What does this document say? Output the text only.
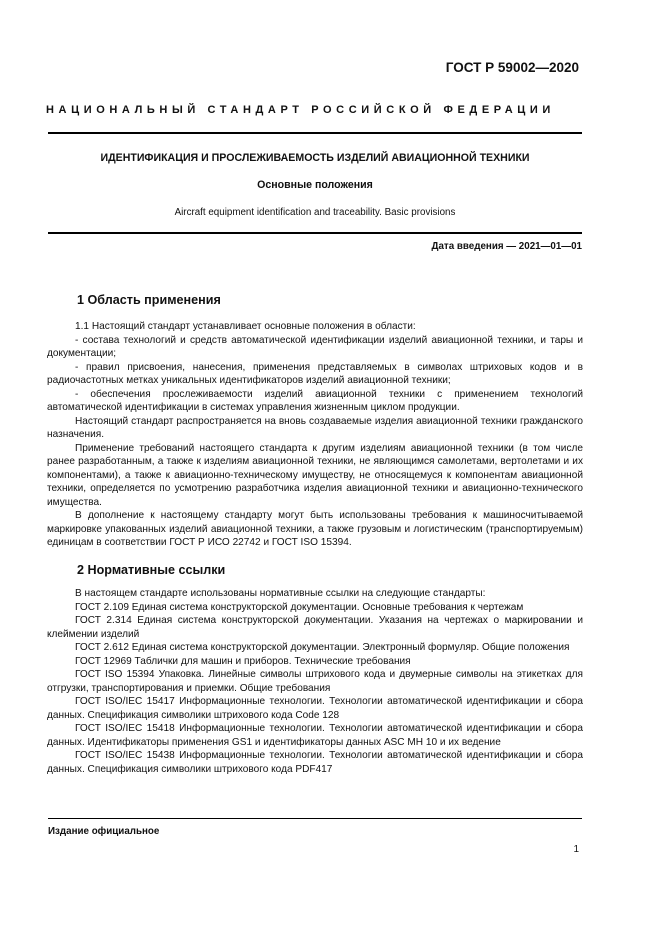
ГОСТ Р 59002—2020
НАЦИОНАЛЬНЫЙ СТАНДАРТ РОССИЙСКОЙ ФЕДЕРАЦИИ
ИДЕНТИФИКАЦИЯ И ПРОСЛЕЖИВАЕМОСТЬ ИЗДЕЛИЙ АВИАЦИОННОЙ ТЕХНИКИ
Основные положения
Aircraft equipment identification and traceability. Basic provisions
Дата введения — 2021—01—01
1 Область применения

1.1 Настоящий стандарт устанавливает основные положения в области:

- состава технологий и средств автоматической идентификации изделий авиационной техники, и тары и документации;

- правил присвоения, нанесения, применения представляемых в символах штриховых кодов и в радиочастотных метках уникальных идентификаторов изделий авиационной техники;

- обеспечения прослеживаемости изделий авиационной техники с применением технологий автоматической идентификации в системах управления жизненным циклом продукции.

Настоящий стандарт распространяется на вновь создаваемые изделия авиационной техники гражданского назначения.

Применение требований настоящего стандарта к другим изделиям авиационной техники (в том числе ранее разработанным, а также к изделиям авиационной техники, не являющимся самолетами, вертолетами и их компонентами), а также к авиационно-техническому имуществу, не относящемуся к компонентам авиационной техники, определяется по усмотрению разработчика изделия авиационной техники и авиационно-технического имущества.

В дополнение к настоящему стандарту могут быть использованы требования к машиносчитываемой маркировке упакованных изделий авиационной техники, а также грузовым и логистическим (транспортируемым) единицам в соответствии ГОСТ Р ИСО 22742 и ГОСТ ISO 15394.

2 Нормативные ссылки

В настоящем стандарте использованы нормативные ссылки на следующие стандарты:

ГОСТ 2.109 Единая система конструкторской документации. Основные требования к чертежам

ГОСТ 2.314 Единая система конструкторской документации. Указания на чертежах о маркировании и клеймении изделий

ГОСТ 2.612 Единая система конструкторской документации. Электронный формуляр. Общие положения

ГОСТ 12969 Таблички для машин и приборов. Технические требования

ГОСТ ISO 15394 Упаковка. Линейные символы штрихового кода и двумерные символы на этикетках для отгрузки, транспортирования и приемки. Общие требования

ГОСТ ISO/IEC 15417 Информационные технологии. Технологии автоматической идентификации и сбора данных. Спецификация символики штрихового кода Code 128

ГОСТ ISO/IEC 15418 Информационные технологии. Технологии автоматической идентификации и сбора данных. Идентификаторы применения GS1 и идентификаторы данных ASC MH 10 и их ведение

ГОСТ ISO/IEC 15438 Информационные технологии. Технологии автоматической идентификации и сбора данных. Спецификация символики штрихового кода PDF417

Издание официальное
1
